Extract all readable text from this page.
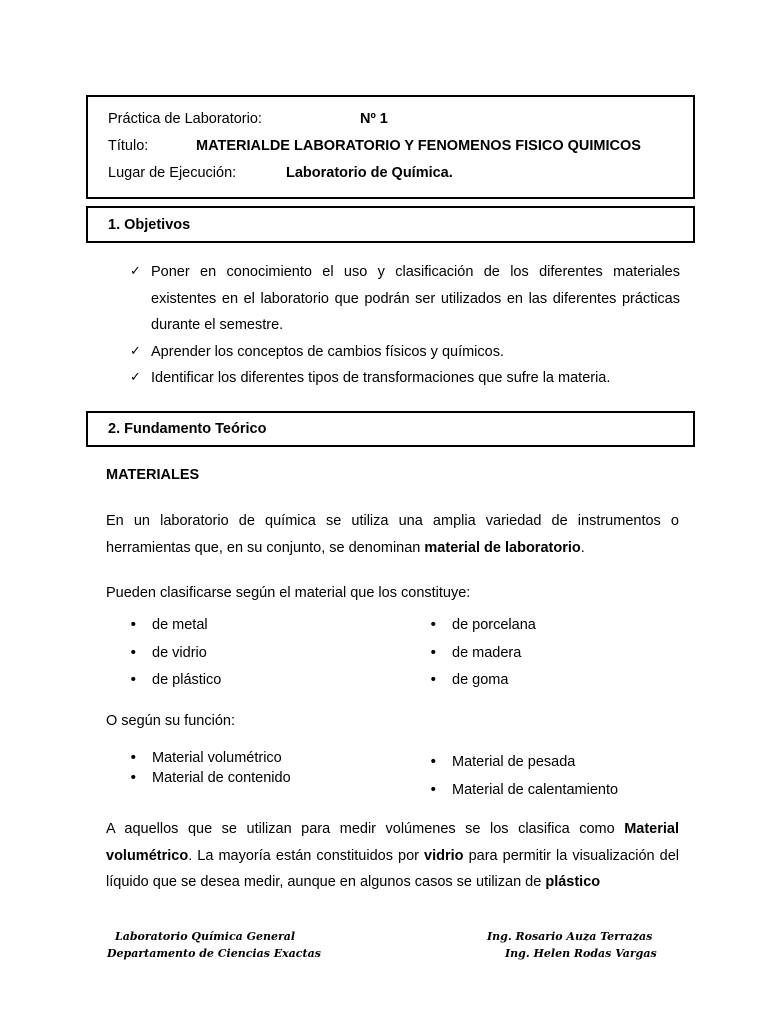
Práctica de Laboratorio:	Nº 1
Título:	MATERIALDE LABORATORIO Y FENOMENOS FISICO QUIMICOS
Lugar de Ejecución:	Laboratorio de Química.
1. Objetivos
✓ Poner en conocimiento el uso y clasificación de los diferentes materiales existentes en el laboratorio que podrán ser utilizados en las diferentes prácticas durante el semestre.
✓ Aprender los conceptos de cambios físicos y químicos.
✓ Identificar los diferentes tipos de transformaciones que sufre la materia.
2. Fundamento Teórico
MATERIALES

En un laboratorio de química se utiliza una amplia variedad de instrumentos o herramientas que, en su conjunto, se denominan material de laboratorio.

Pueden clasificarse según el material que los constituye:

• de metal
• de vidrio
• de plástico
• de porcelana
• de madera
• de goma

O según su función:

• Material volumétrico
• Material de contenido
• Material de pesada
• Material de calentamiento

A aquellos que se utilizan para medir volúmenes se los clasifica como Material volumétrico. La mayoría están constituidos por vidrio para permitir la visualización del líquido que se desea medir, aunque en algunos casos se utilizan de plástico

Laboratorio Química General
Departamento de Ciencias Exactas
Ing. Rosario Auza Terrazas
Ing. Helen Rodas Vargas
